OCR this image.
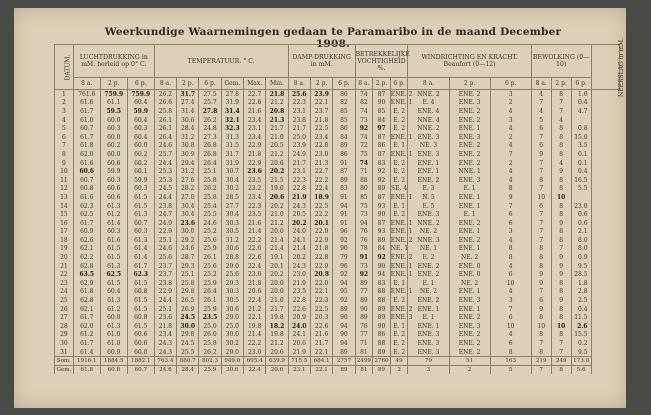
Weerkundige Waarnemingen gedaan te Paramaribo in de maand December 1908.
DATUM.	LUCHTDRUKKING in mM. herleid op 0° C.			TEMPERATUUR. ° C.						DAMP-DRUKKING in mM.			BETREKKELIJKE VOCHTIGHEID %.			WINDRICHTING EN KRACHT. Beaufort (0—12)			BEWOLKING (0—10)			NEERSLAG in mM.
	8 a.	2 p.	6 p.	8 a.	2 p.	6 p.	Gem.	Max.	Min.	8 a.	2 p.	6 p.	8 a.	2 p.	6 p.	8 a.	2 p.	6 p.	8 a.	2 p.	6 p.	
1	761.6	759.9	759.9	26.2	31.7	27.5	27.8	22.7	21.8	25.6	23.9	86	74	87	ENE. 2	NNE. 2	ENE. 2	3	4	8	1.0	
2	61.6	61.1	60.4	26.6	27.4	25.7	31.9	22.6	21.2	22.3	22.1	82	82	90	ENE. 1	E. 4	ENE. 3	2	7	7	0.4	
3	61.7	59.5	59.9	25.8	31.4	27.8	31.4	21.6	20.8	23.1	23.7	85	74	85	E. 2	ENE. 4	ENE. 2	4	4	7	4.7	
4	61.0	60.0	60.4	26.1	30.6	26.2	32.1	23.4	21.3	23.8	21.8	85	73	84	E. 2	NNE. 4	ENE. 2	3	5	4		
5	60.7	60.3	60.3	26.1	28.4	24.8	32.3	23.1	21.7	21.7	22.5	86	92	97	E. 2	NNE. 2	ENE. 1	4	6	8	0.8	
6	61.7	60.0	60.4	26.4	31.2	27.3	31.3	23.4	21.0	25.0	23.4	84	74	87	ENE. 1	ENE. 3	ENE. 3	2	7	8	15.0	
7	61.8	60.2	60.0	24.6	30.8	26.8	31.5	22.9	20.5	23.9	22.8	89	72	86	E. 1	NE. 3	ENE. 2	4	6	8	3.5	
8	62.0	60.0	60.2	25.7	30.9	26.8	31.7	21.8	21.2	24.9	23.0	86	75	87	ENE. 1	ENE. 3	ENE. 2	7	9	8	0.1	
9	61.6	60.6	60.2	24.4	29.4	26.4	31.9	22.9	20.6	21.7	21.3	91	74	83	E. 2	ENE. 1	ENE. 2	2	7	4	0.1	
10	60.6	59.9	60.1	25.3	31.2	25.1	30.7	23.6	20.2	23.1	22.7	87	71	92	E. 2	ENE. 1	NNE. 1	4	7	9	0.4	
11	60.7	60.3	59.9	25.3	27.6	25.8	30.4	23.5	21.5	22.3	22.2	89	88	92	E. 2	ENE. 2	ENE. 3	4	8	8	16.5	
12	60.8	60.6	60.3	24.5	28.2	26.2	30.2	23.2	19.0	22.8	22.4	83	80	89	SE. 4	E. 3	E. 1	8	7	8	5.5	
13	61.6	60.6	61.5	24.4	27.0	25.8	28.5	23.4	20.6	21.9	18.9	91	85	87	ENE. 1	N. 5	ENE. 1	9	10	10		
14	62.3	61.3	61.5	23.8	30.4	25.4	27.7	22.3	20.2	24.3	22.5	94	75	93	E. 1	E. 5	ENE. 1	7	6	8	23.0	
15	62.5	61.2	61.3	24.7	30.4	25.5	30.4	23.5	21.0	20.5	22.2	91	73	90	E. 2	ENE. 3	E. 1	6	7	8	0.6	
16	61.7	61.4	60.7	24.9	23.6	24.6	30.3	21.6	21.2	20.2	20.1	91	94	87	ENE. 1	NNE. 2	ENE. 2	6	7	9	0.6	
17	60.9	60.3	60.3	22.9	30.0	25.2	30.5	21.4	20.0	24.0	22.0	96	76	93	ENE. 1	NE. 2	ENE. 1	3	7	8	2.1	
18	62.6	61.6	61.3	25.1	29.2	25.6	31.2	22.2	21.4	24.1	22.9	92	76	89	ENE. 2	NNE. 3	ENE. 2	4	7	8	8.0	
19	62.1	61.5	61.4	24.6	24.6	25.9	30.6	22.6	21.4	21.4	21.8	90	78	84	NE. 1	NE. 1	ENE. 1	8	8	7	8.0	
20	62.2	61.5	61.4	25.6	28.7	26.1	28.8	22.6	19.1	20.2	22.8	79	91	92	ENE. 2	E. 2	NE. 2	8	8	9	0.9	
21	62.8	61.3	61.7	23.7	29.3	25.6	29.0	22.4	20.1	24.3	22.9	96	73	90	ENE. 1	ENE. 2	ENE. 0	4	8	9	9.5	
22	63.5	62.5	62.3	23.7	25.1	25.2	25.6	23.0	20.2	23.0	20.8	92	92	94	ENE. 1	ENE. 2	ENE. 0	6	9	9	28.5	
23	62.9	61.5	61.5	23.8	25.8	25.9	29.3	21.8	20.0	21.9	22.0	94	89	83	E. 1	E. 1	NE. 2	10	9	8	1.8	
24	61.8	60.4	60.8	22.9	29.8	26.4	30.3	20.6	20.0	23.5	22.1	95	77	88	ENE. 1	NE. 2	ENE. 1	4	7	8	2.8	
25	62.8	61.3	61.5	24.4	26.5	26.1	30.5	22.4	21.0	22.8	22.3	92	89	88	E. 2	ENE. 2	ENE. 3	3	6	9	2.5	
26	62.1	61.2	61.5	25.1	26.9	25.9	30.6	21.2	21.7	22.6	22.5	89	90	89	ENE. 2	ENE. 1	ENE. 1	7	9	8	0.4	
27	61.7	60.8	60.8	23.6	24.5	23.5	29.0	22.1	19.8	20.9	20.3	90	89	89	ENE. 3	E. 1	ENE. 2	6	8	8	11.5	
28	62.0	61.3	61.5	21.8	30.0	25.0	25.0	19.8	18.2	24.0	22.6	94	76	90	E. 1	ENE. 1	ENE. 3	10	10	10	2.6	
29	61.2	61.0	60.6	23.4	29.8	26.0	30.0	21.4	19.8	24.1	21.6	90	77	86	E. 2	ENE. 3	ENE. 2	4	8	8	15.5	
30	61.7	61.0	60.6	24.3	24.5	25.8	30.2	22.2	21.2	20.6	21.7	94	71	88	E. 2	ENE. 3	ENE. 2	6	7	7	0.2	
31	61.4	60.9	60.8	24.3	25.5	26.2	29.0	23.0	20.6	21.9	22.1	89	81	89	E. 2	ENE. 3	ENE. 2	8	8	7	9.5	
Som.	1916.1	1884.5	1882.1	763.4	880.7	802.3	949.0	695.4	639.9	715.5	684.1	2757	2499	2760	49	79	51	163	219	249	173.0	
Gem.	61.8	60.8	60.7	24.6	28.4	25.9	30.6	22.4	20.6	23.1	22.1	89	81	89	2	3	2	5	7	8	5.6	
